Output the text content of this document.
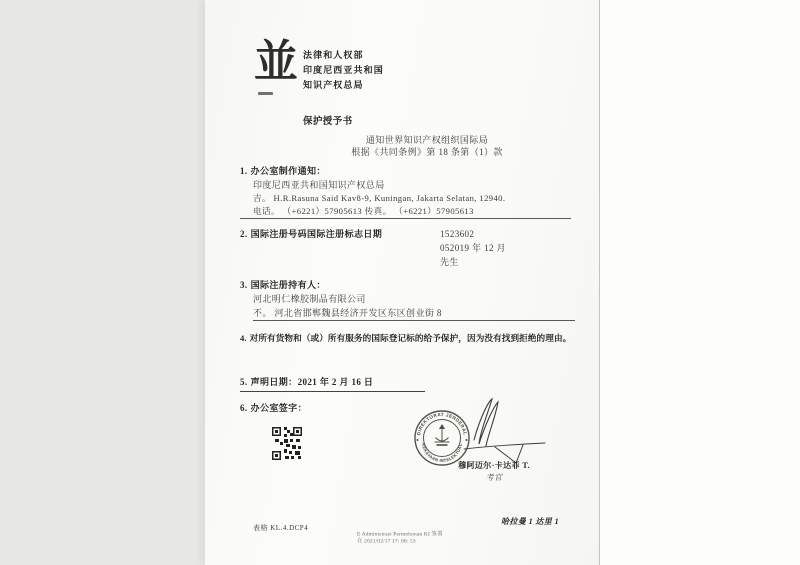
並 法律和人权部
印度尼西亚共和国
知识产权总局
保护授予书
通知世界知识产权组织国际局
根据《共同条例》第 18 条第（1）款
1. 办公室制作通知：
印度尼西亚共和国知识产权总局
吉。 H.R.Rasuna Said Kav8-9, Kuningan, Jakarta Selatan, 12940.
电话。 （+6221）57905613 传真。 （+6221）57905613
2. 国际注册号码国际注册标志日期	1523602
052019 年 12 月
先生
3. 国际注册持有人：
河北明仁橡胶制品有限公司
不。 河北省邯郸魏县经济开发区东区创业街 8
4. 对所有货物和（或）所有服务的国际登记标的给予保护，因为没有找到拒绝的理由。
5. 声明日期：2021 年 2 月 16 日
6. 办公室签字：
DIREKTORAT JENDERAL
KEKAYAAN INTELEKTUAL
穆阿迈尔·卡达菲 T.
考官
表格 KL.4.DCP4
哈拉曼 1 达里 1
E Administrasi Permohonan KI 签署
在 2021/02/17 17: 06: 53
